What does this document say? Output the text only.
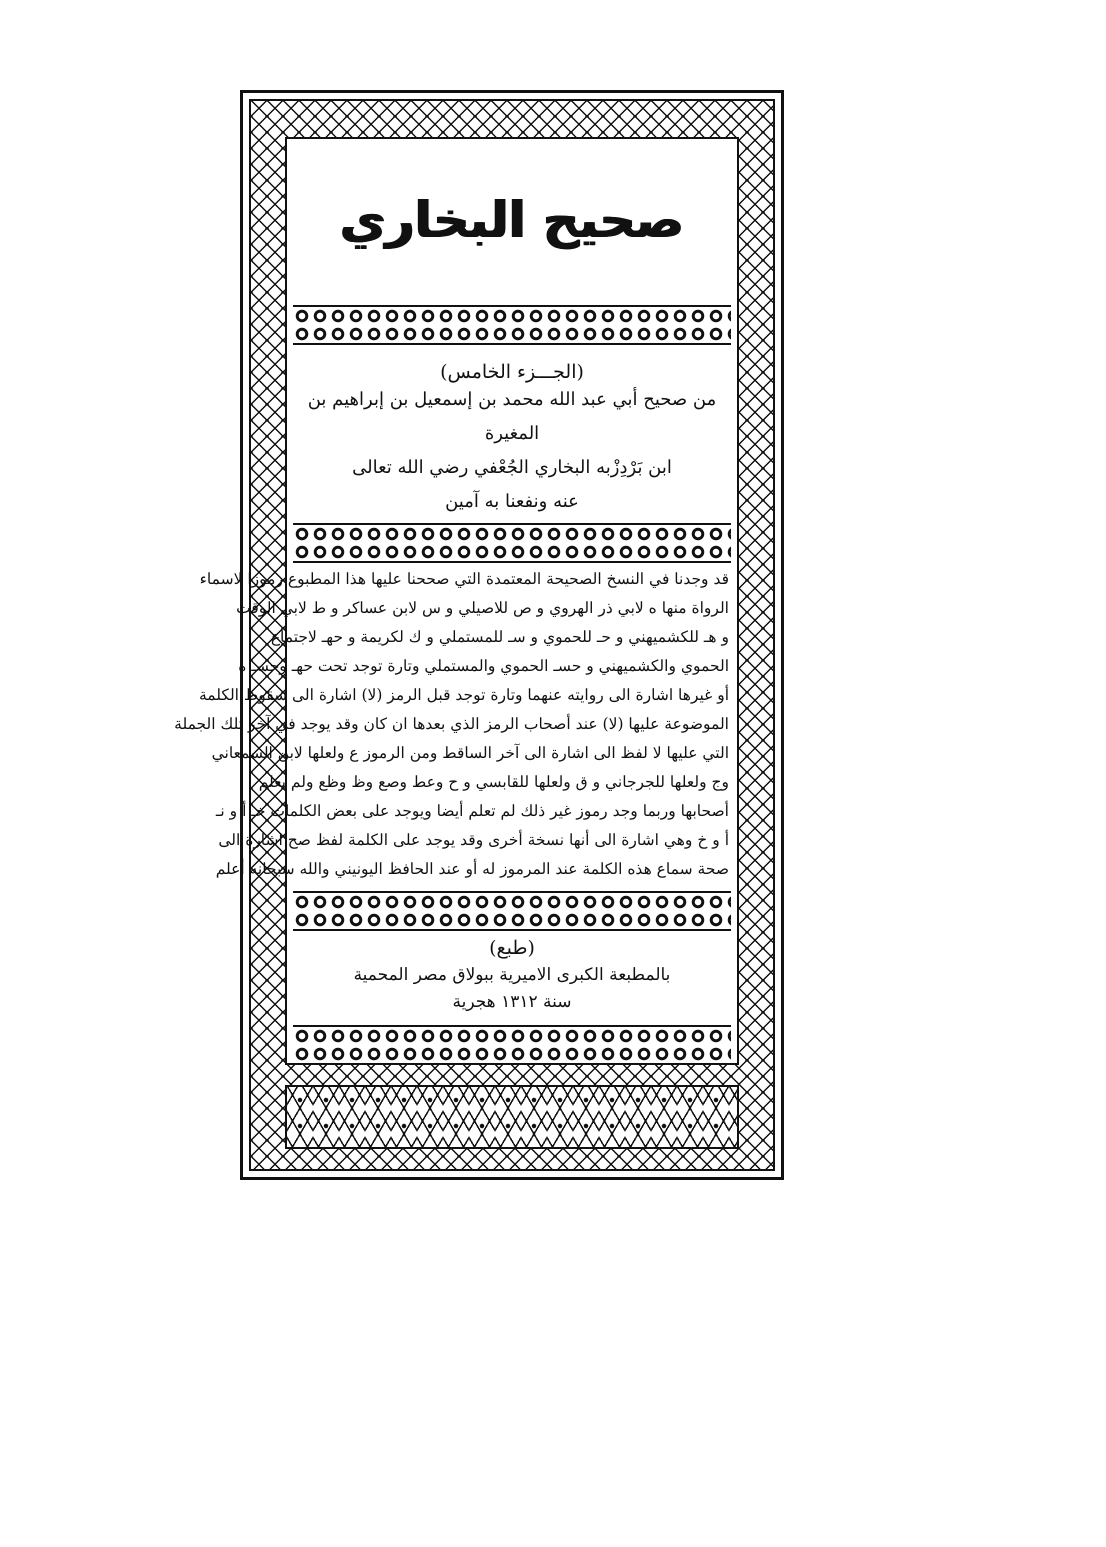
صحيح البخاري
(الجـــزء الخامس)
من صحيح أبي عبد الله محمد بن إسمعيل بن إبراهيم بن المغيرة
ابن بَرْدِزْبه البخاري الجُعْفي رضي الله تعالى
عنه ونفعنا به آمين
قد وجدنا في النسخ الصحيحة المعتمدة التي صححنا عليها هذا المطبوع رموزا لاسماء
الرواة منها ه لابي ذر الهروي و ص للاصيلي و س لابن عساكر و ط لابي الوقت
و هـ للكشميهني و حـ للحموي و سـ للمستملي و ك لكريمة و حهـ لاجتماع
الحموي والكشميهني و حسـ الحموي والمستملي وتارة توجد تحت حهـ وحسـ ه
أو غيرها اشارة الى روايته عنهما وتارة توجد قبل الرمز (لا) اشارة الى سقوط الكلمة
الموضوعة عليها (لا) عند أصحاب الرمز الذي بعدها ان كان وقد يوجد في آخر تلك الجملة
التي عليها لا لفظ الى اشارة الى آخر الساقط ومن الرموز ع ولعلها لابن السمعاني
وج ولعلها للجرجاني و ق ولعلها للقابسي و ح وعط وصع وظ وظع ولم يعلم
أصحابها وربما وجد رموز غير ذلك لم تعلم أيضا ويوجد على بعض الكلمات خـ أ و نـ
أ و خ وهي اشارة الى أنها نسخة أخرى وقد يوجد على الكلمة لفظ صح اشارة الى
صحة سماع هذه الكلمة عند المرموز له أو عند الحافظ اليونيني والله سبحانه أعلم
(طبع)
بالمطبعة الكبرى الاميرية ببولاق مصر المحمية
سنة ١٣١٢ هجرية
